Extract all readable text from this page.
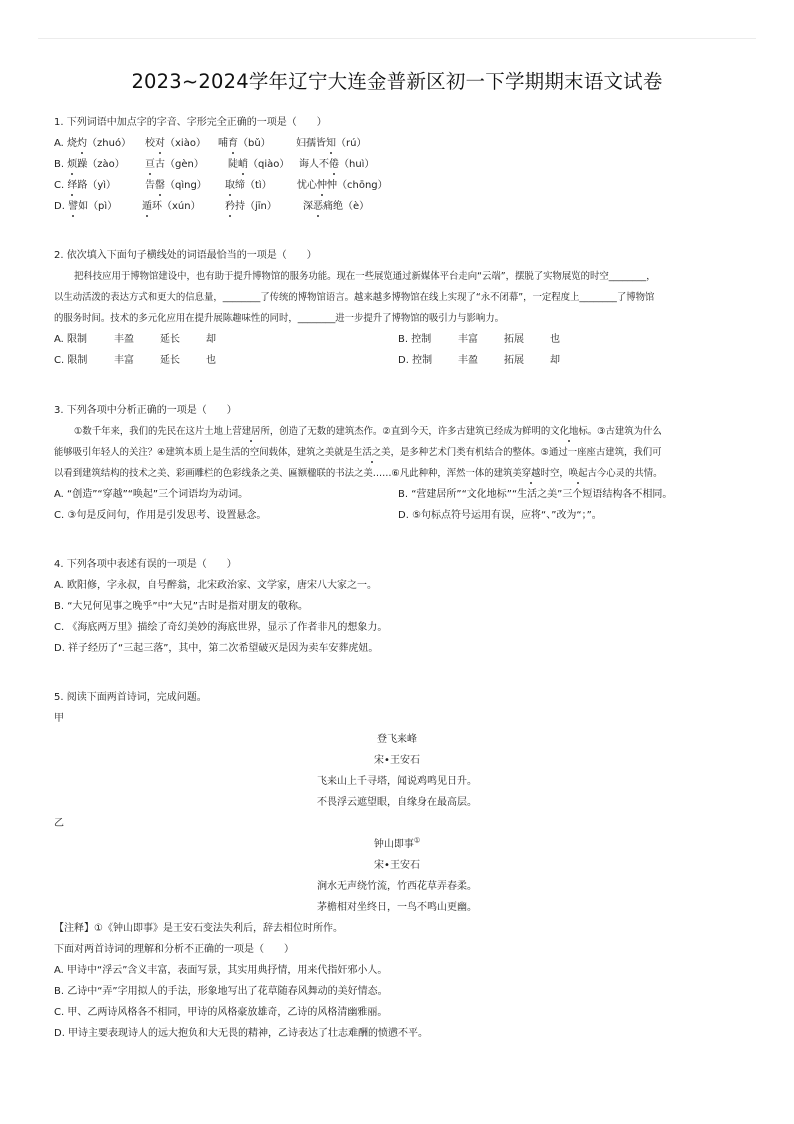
2023~2024学年辽宁大连金普新区初一下学期期末语文试卷
1. 下列词语中加点字的字音、字形完全正确的一项是（　　）
A. 烧灼（zhuó） 校对（xiào） 哺育（bǔ）	妇孺皆知（rú）
B. 烦躁（zào） 亘古（gèn） 陡峭（qiào） 诲人不倦（huì）
C. 绎路（yì）	告罄（qìng） 取缔（tì）	忧心忡忡（chōng）
D. 譬如（pì） 遁环（xún） 矜持（jīn）	深恶痛绝（è）
2. 依次填入下面句子横线处的词语最恰当的一项是（　　）
把科技应用于博物馆建设中，也有助于提升博物馆的服务功能。现在一些展览通过新媒体平台走向“云端”，摆脱了实物展览的时空________，
以生动活泼的表达方式和更大的信息量，________了传统的博物馆语言。越来越多博物馆在线上实现了“永不闭幕”，一定程度上________了博物馆
的服务时间。技术的多元化应用在提升展陈趣味性的同时，________进一步提升了博物馆的吸引力与影响力。
A. 限制	丰盈	延长	却	B. 控制	丰富	拓展	也
C. 限制	丰富	延长	也	D. 控制	丰盈	拓展	却
3. 下列各项中分析正确的一项是（　　）
①数千年来，我们的先民在这片土地上营建居所，创造了无数的建筑杰作。②直到今天，许多古建筑已经成为鲜明的文化地标。③古建筑为什么
能够吸引年轻人的关注？④建筑本质上是生活的空间载体，建筑之美就是生活之美，是多种艺术门类有机结合的整体。⑤通过一座座古建筑，我们可
以看到建筑结构的技术之美、彩画雕栏的色彩线条之美、匾额楹联的书法之美……⑥凡此种种，浑然一体的建筑美穿越时空，唤起古今心灵的共情。
A. “创造”“穿越”“唤起”三个词语均为动词。	B. “营建居所”“文化地标”“生活之美”三个短语结构各不相同。
C. ③句是反问句，作用是引发思考、设置悬念。	D. ⑤句标点符号运用有误，应将“、”改为“；”。
4. 下列各项中表述有误的一项是（　　）
A. 欧阳修，字永叔，自号醉翁，北宋政治家、文学家，唐宋八大家之一。
B. “大兄何见事之晚乎”中“大兄”古时是指对朋友的敬称。
C. 《海底两万里》描绘了奇幻美妙的海底世界，显示了作者非凡的想象力。
D. 祥子经历了“三起三落”，其中，第二次希望破灭是因为卖车安葬虎妞。
5. 阅读下面两首诗词，完成问题。
甲
登飞来峰
宋•王安石
飞来山上千寻塔，闻说鸡鸣见日升。
不畏浮云遮望眼，自缘身在最高层。
乙
钟山即事①
宋•王安石
涧水无声绕竹流，竹西花草弄春柔。
茅檐相对坐终日，一鸟不鸣山更幽。
【注释】①《钟山即事》是王安石变法失利后，辞去相位时所作。
下面对两首诗词的理解和分析不正确的一项是（　　）
A. 甲诗中“浮云”含义丰富，表面写景，其实用典抒情，用来代指奸邪小人。
B. 乙诗中“弄”字用拟人的手法，形象地写出了花草随春风舞动的美好情态。
C. 甲、乙两诗风格各不相同，甲诗的风格豪放雄奇，乙诗的风格清幽雅丽。
D. 甲诗主要表现诗人的远大抱负和大无畏的精神，乙诗表达了壮志难酬的愤懑不平。
